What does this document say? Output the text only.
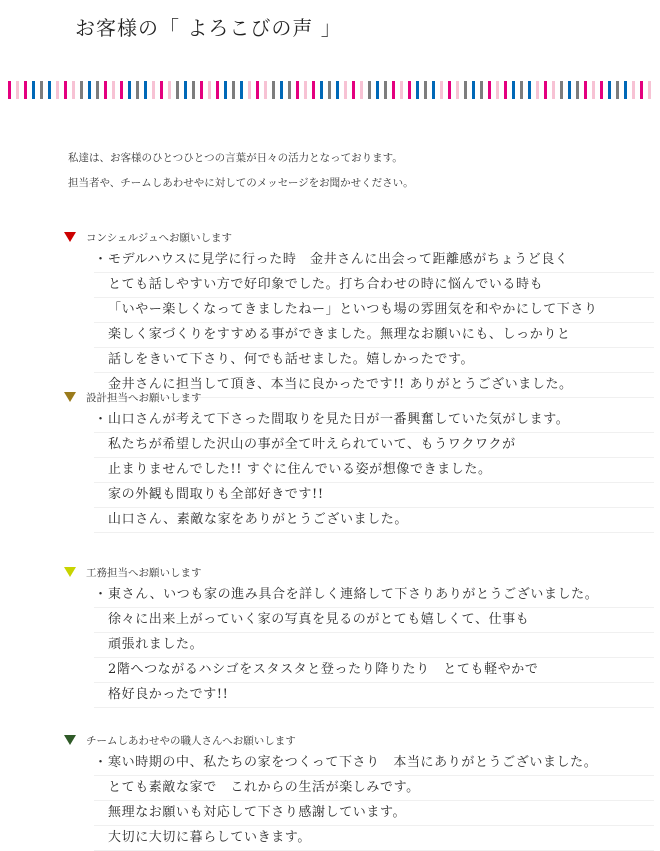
お客様の「 よろこびの声 」
私達は、お客様のひとつひとつの言葉が日々の活力となっております。
担当者や、チームしあわせやに対してのメッセージをお聞かせください。
コンシェルジュへお願いします
・モデルハウスに見学に行った時　金井さんに出会って距離感がちょうど良く
とても話しやすい方で好印象でした。打ち合わせの時に悩んでいる時も
「いやー楽しくなってきましたねー」といつも場の雰囲気を和やかにして下さり
楽しく家づくりをすすめる事ができました。無理なお願いにも、しっかりと
話しをきいて下さり、何でも話せました。嬉しかったです。
金井さんに担当して頂き、本当に良かったです!! ありがとうございました。
設計担当へお願いします
・山口さんが考えて下さった間取りを見た日が一番興奮していた気がします。
私たちが希望した沢山の事が全て叶えられていて、もうワクワクが
止まりませんでした!! すぐに住んでいる姿が想像できました。
家の外観も間取りも全部好きです!!
山口さん、素敵な家をありがとうございました。
工務担当へお願いします
・東さん、いつも家の進み具合を詳しく連絡して下さりありがとうございました。
徐々に出来上がっていく家の写真を見るのがとても嬉しくて、仕事も
頑張れました。
2階へつながるハシゴをスタスタと登ったり降りたり　とても軽やかで
格好良かったです!!
チームしあわせやの職人さんへお願いします
・寒い時期の中、私たちの家をつくって下さり　本当にありがとうございました。
とても素敵な家で　これからの生活が楽しみです。
無理なお願いも対応して下さり感謝しています。
大切に大切に暮らしていきます。
